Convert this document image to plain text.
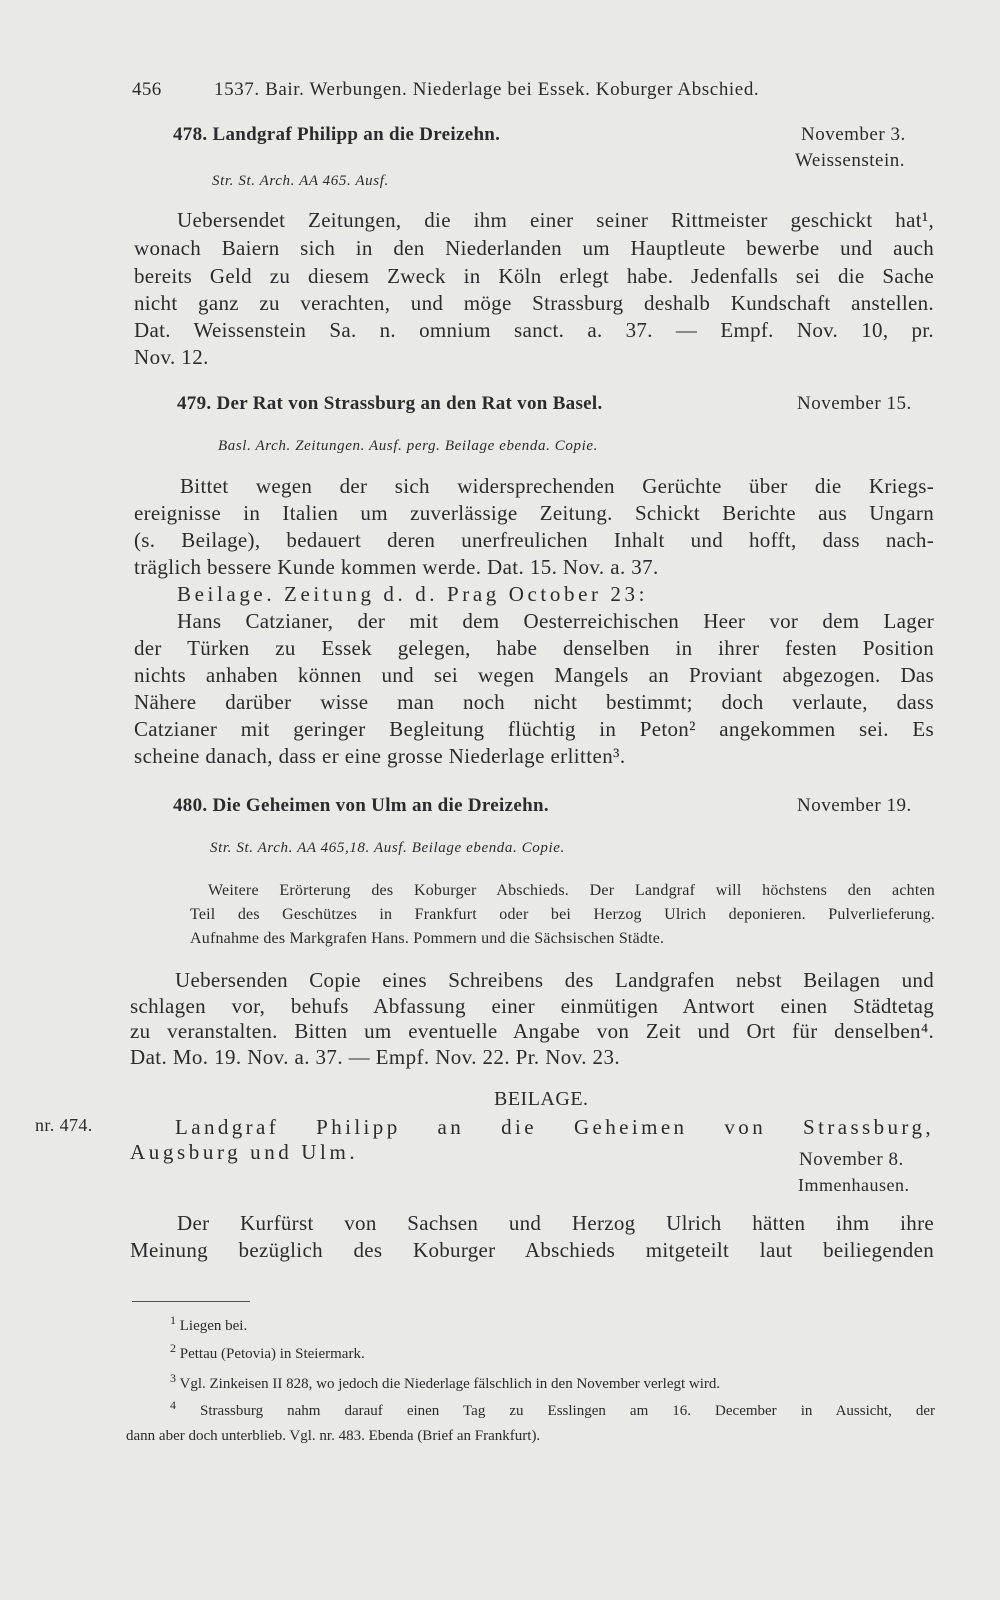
456	1537. Bair. Werbungen. Niederlage bei Essek. Koburger Abschied.
478. Landgraf Philipp an die Dreizehn.	November 3.
Weissenstein.
Str. St. Arch. AA 465. Ausf.
Uebersendet Zeitungen, die ihm einer seiner Rittmeister geschickt hat¹,
wonach Baiern sich in den Niederlanden um Hauptleute bewerbe und auch
bereits Geld zu diesem Zweck in Köln erlegt habe. Jedenfalls sei die Sache
nicht ganz zu verachten, und möge Strassburg deshalb Kundschaft anstellen.
Dat. Weissenstein Sa. n. omnium sanct. a. 37. — Empf. Nov. 10, pr.
Nov. 12.
479. Der Rat von Strassburg an den Rat von Basel.	November 15.
Basl. Arch. Zeitungen. Ausf. perg. Beilage ebenda. Copie.
Bittet wegen der sich widersprechenden Gerüchte über die Kriegs-
ereignisse in Italien um zuverlässige Zeitung. Schickt Berichte aus Ungarn
(s. Beilage), bedauert deren unerfreulichen Inhalt und hofft, dass nach-
träglich bessere Kunde kommen werde. Dat. 15. Nov. a. 37.
Beilage. Zeitung d. d. Prag October 23:
Hans Catzianer, der mit dem Oesterreichischen Heer vor dem Lager
der Türken zu Essek gelegen, habe denselben in ihrer festen Position
nichts anhaben können und sei wegen Mangels an Proviant abgezogen. Das
Nähere darüber wisse man noch nicht bestimmt; doch verlaute, dass
Catzianer mit geringer Begleitung flüchtig in Peton² angekommen sei. Es
scheine danach, dass er eine grosse Niederlage erlitten³.
480. Die Geheimen von Ulm an die Dreizehn.	November 19.
Str. St. Arch. AA 465,18. Ausf. Beilage ebenda. Copie.
Weitere Erörterung des Koburger Abschieds. Der Landgraf will höchstens den achten
Teil des Geschützes in Frankfurt oder bei Herzog Ulrich deponieren. Pulverlieferung.
Aufnahme des Markgrafen Hans. Pommern und die Sächsischen Städte.
Uebersenden Copie eines Schreibens des Landgrafen nebst Beilagen und
schlagen vor, behufs Abfassung einer einmütigen Antwort einen Städtetag
zu veranstalten. Bitten um eventuelle Angabe von Zeit und Ort für denselben⁴.
Dat. Mo. 19. Nov. a. 37. — Empf. Nov. 22. Pr. Nov. 23.
BEILAGE.
nr. 474.	Landgraf Philipp an die Geheimen von Strassburg,
Augsburg und Ulm.	November 8.
Immenhausen.
Der Kurfürst von Sachsen und Herzog Ulrich hätten ihm ihre
Meinung bezüglich des Koburger Abschieds mitgeteilt laut beiliegenden
$^1$ Liegen bei.
$^2$ Pettau (Petovia) in Steiermark.
$^3$ Vgl. Zinkeisen II 828, wo jedoch die Niederlage fälschlich in den November verlegt wird.
$^4$ Strassburg nahm darauf einen Tag zu Esslingen am 16. December in Aussicht, der
dann aber doch unterblieb. Vgl. nr. 483. Ebenda (Brief an Frankfurt).
